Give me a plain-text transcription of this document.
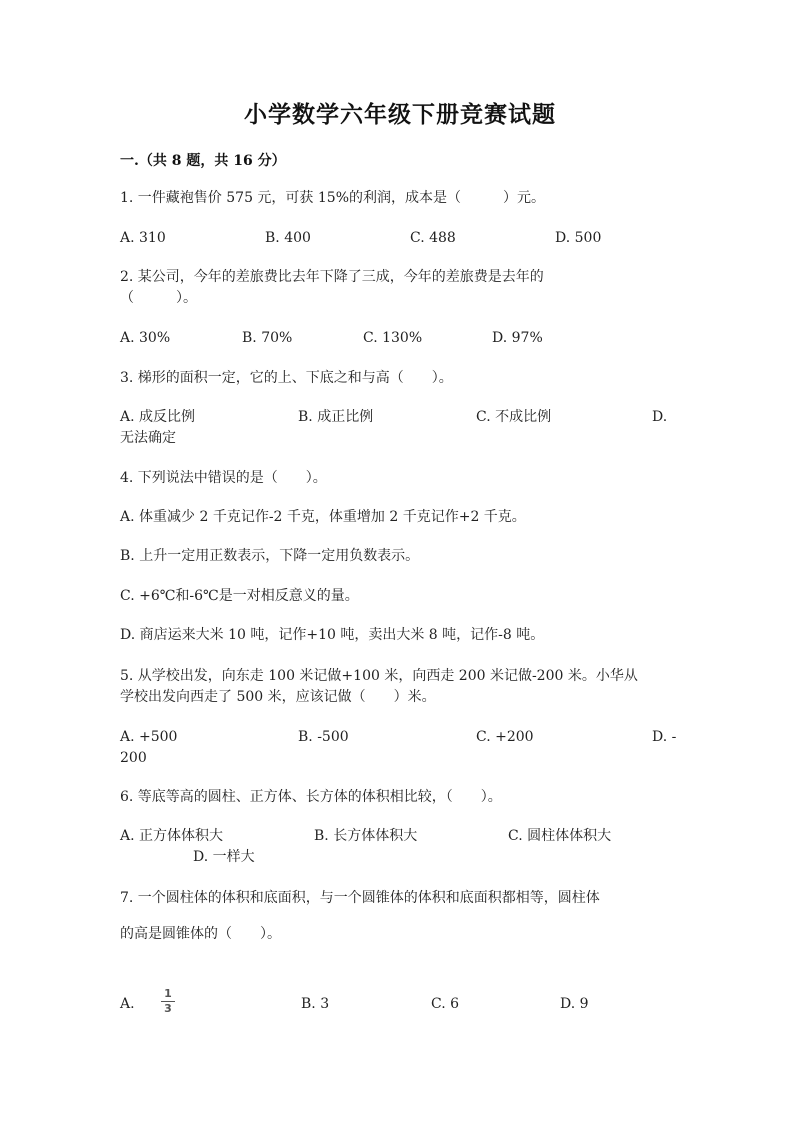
小学数学六年级下册竞赛试题
一.（共 8 题，共 16 分）
1. 一件藏袍售价 575 元，可获 15%的利润，成本是（　　　）元。
A. 310	B. 400	C. 488	D. 500
2. 某公司，今年的差旅费比去年下降了三成，今年的差旅费是去年的
（　　　）。
A. 30%	B. 70%	C. 130%	D. 97%
3. 梯形的面积一定，它的上、下底之和与高（　　）。
A. 成反比例	B. 成正比例	C. 不成比例	D.
无法确定
4. 下列说法中错误的是（　　）。
A. 体重减少 2 千克记作-2 千克，体重增加 2 千克记作+2 千克。
B. 上升一定用正数表示，下降一定用负数表示。
C. +6℃和-6℃是一对相反意义的量。
D. 商店运来大米 10 吨，记作+10 吨，卖出大米 8 吨，记作-8 吨。
5. 从学校出发，向东走 100 米记做+100 米，向西走 200 米记做-200 米。小华从
学校出发向西走了 500 米，应该记做（　　）米。
A. +500	B. -500	C. +200	D. -
200
6. 等底等高的圆柱、正方体、长方体的体积相比较，（　　）。
A. 正方体体积大	B. 长方体体积大	C. 圆柱体体积大
D. 一样大
7. 一个圆柱体的体积和底面积，与一个圆锥体的体积和底面积都相等，圆柱体
的高是圆锥体的（　　）。
A.
1
3	B. 3	C. 6	D. 9
